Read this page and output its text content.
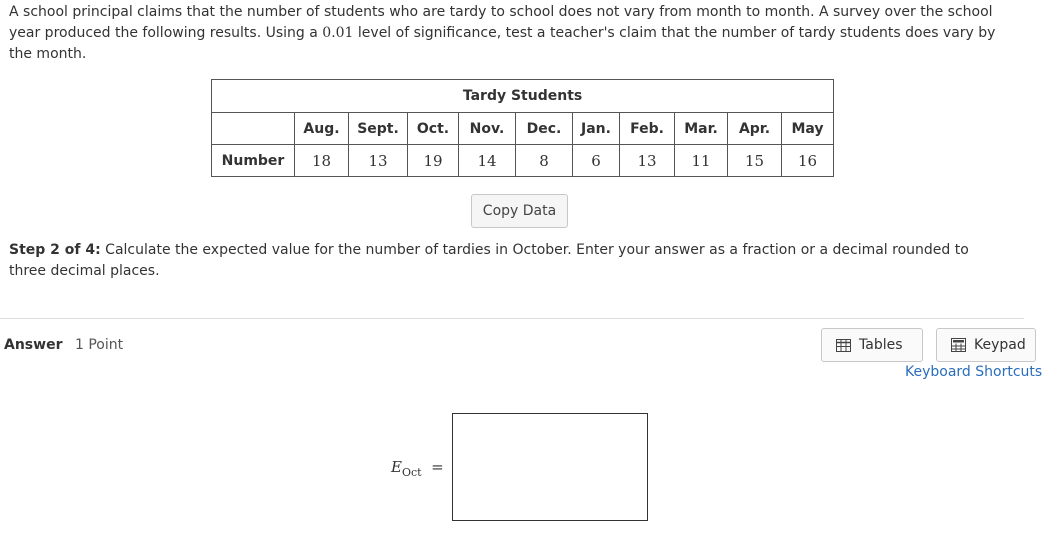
A school principal claims that the number of students who are tardy to school does not vary from month to month. A survey over the school year produced the following results. Using a 0.01 level of significance, test a teacher's claim that the number of tardy students does vary by the month.
Tardy Students										
	Aug.	Sept.	Oct.	Nov.	Dec.	Jan.	Feb.	Mar.	Apr.	May
Number	18	13	19	14	8	6	13	11	15	16
Copy Data
Step 2 of 4: Calculate the expected value for the number of tardies in October. Enter your answer as a fraction or a decimal rounded to three decimal places.
Answer 1 Point	Tables	Keypad
Keyboard Shortcuts
$E_{Oct}$ =
